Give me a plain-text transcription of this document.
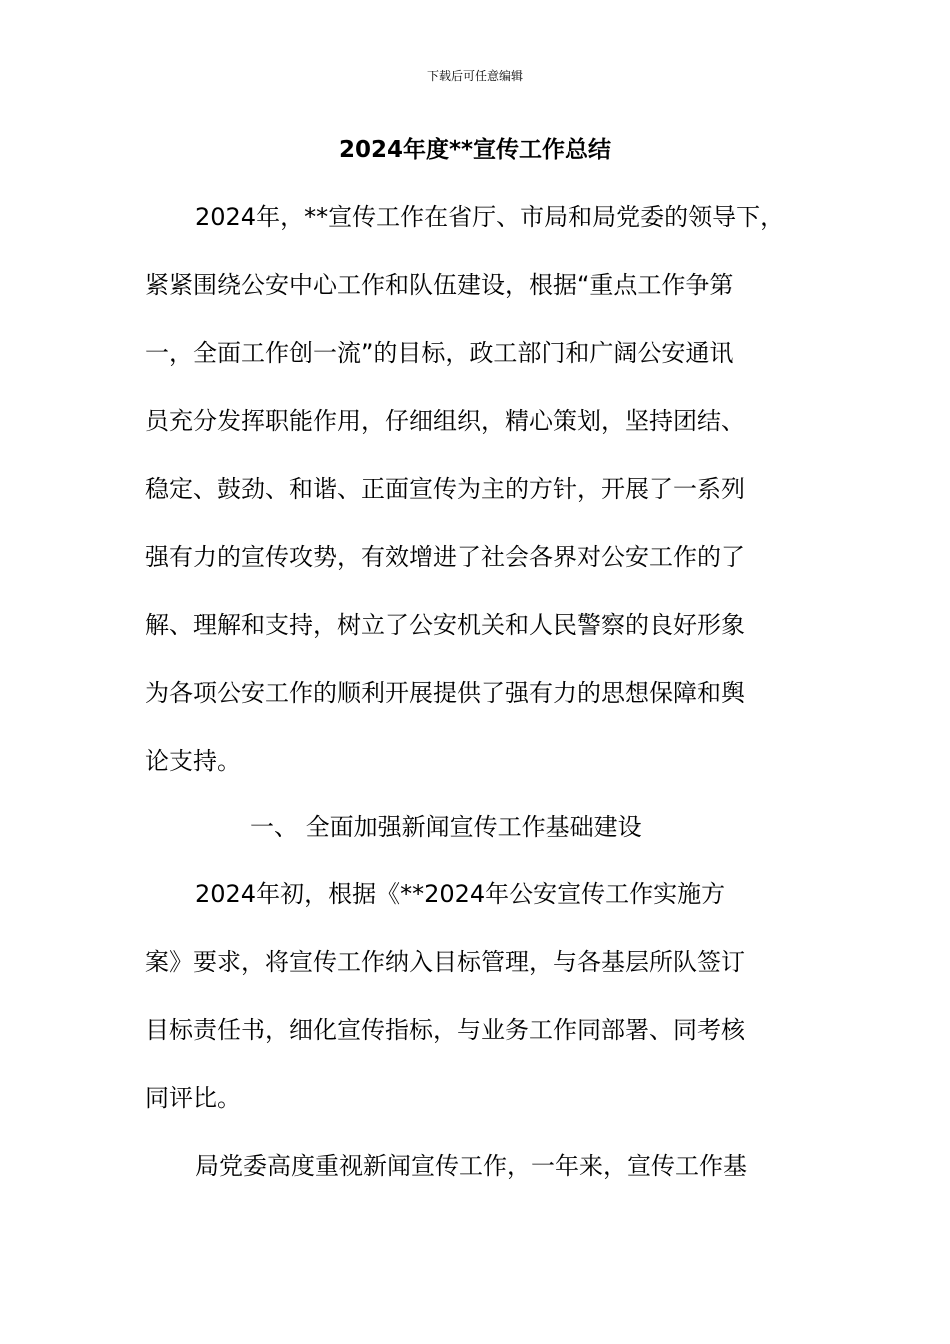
下载后可任意编辑
2024年度**宣传工作总结
2024年，**宣传工作在省厅、市局和局党委的领导下，
紧紧围绕公安中心工作和队伍建设，根据“重点工作争第
一，全面工作创一流”的目标，政工部门和广阔公安通讯
员充分发挥职能作用，仔细组织，精心策划，坚持团结、
稳定、鼓劲、和谐、正面宣传为主的方针，开展了一系列
强有力的宣传攻势，有效增进了社会各界对公安工作的了
解、理解和支持，树立了公安机关和人民警察的良好形象
为各项公安工作的顺利开展提供了强有力的思想保障和舆
论支持。
一、 全面加强新闻宣传工作基础建设
2024年初，根据《**2024年公安宣传工作实施方
案》要求，将宣传工作纳入目标管理，与各基层所队签订
目标责任书，细化宣传指标，与业务工作同部署、同考核
同评比。
局党委高度重视新闻宣传工作，一年来，宣传工作基
